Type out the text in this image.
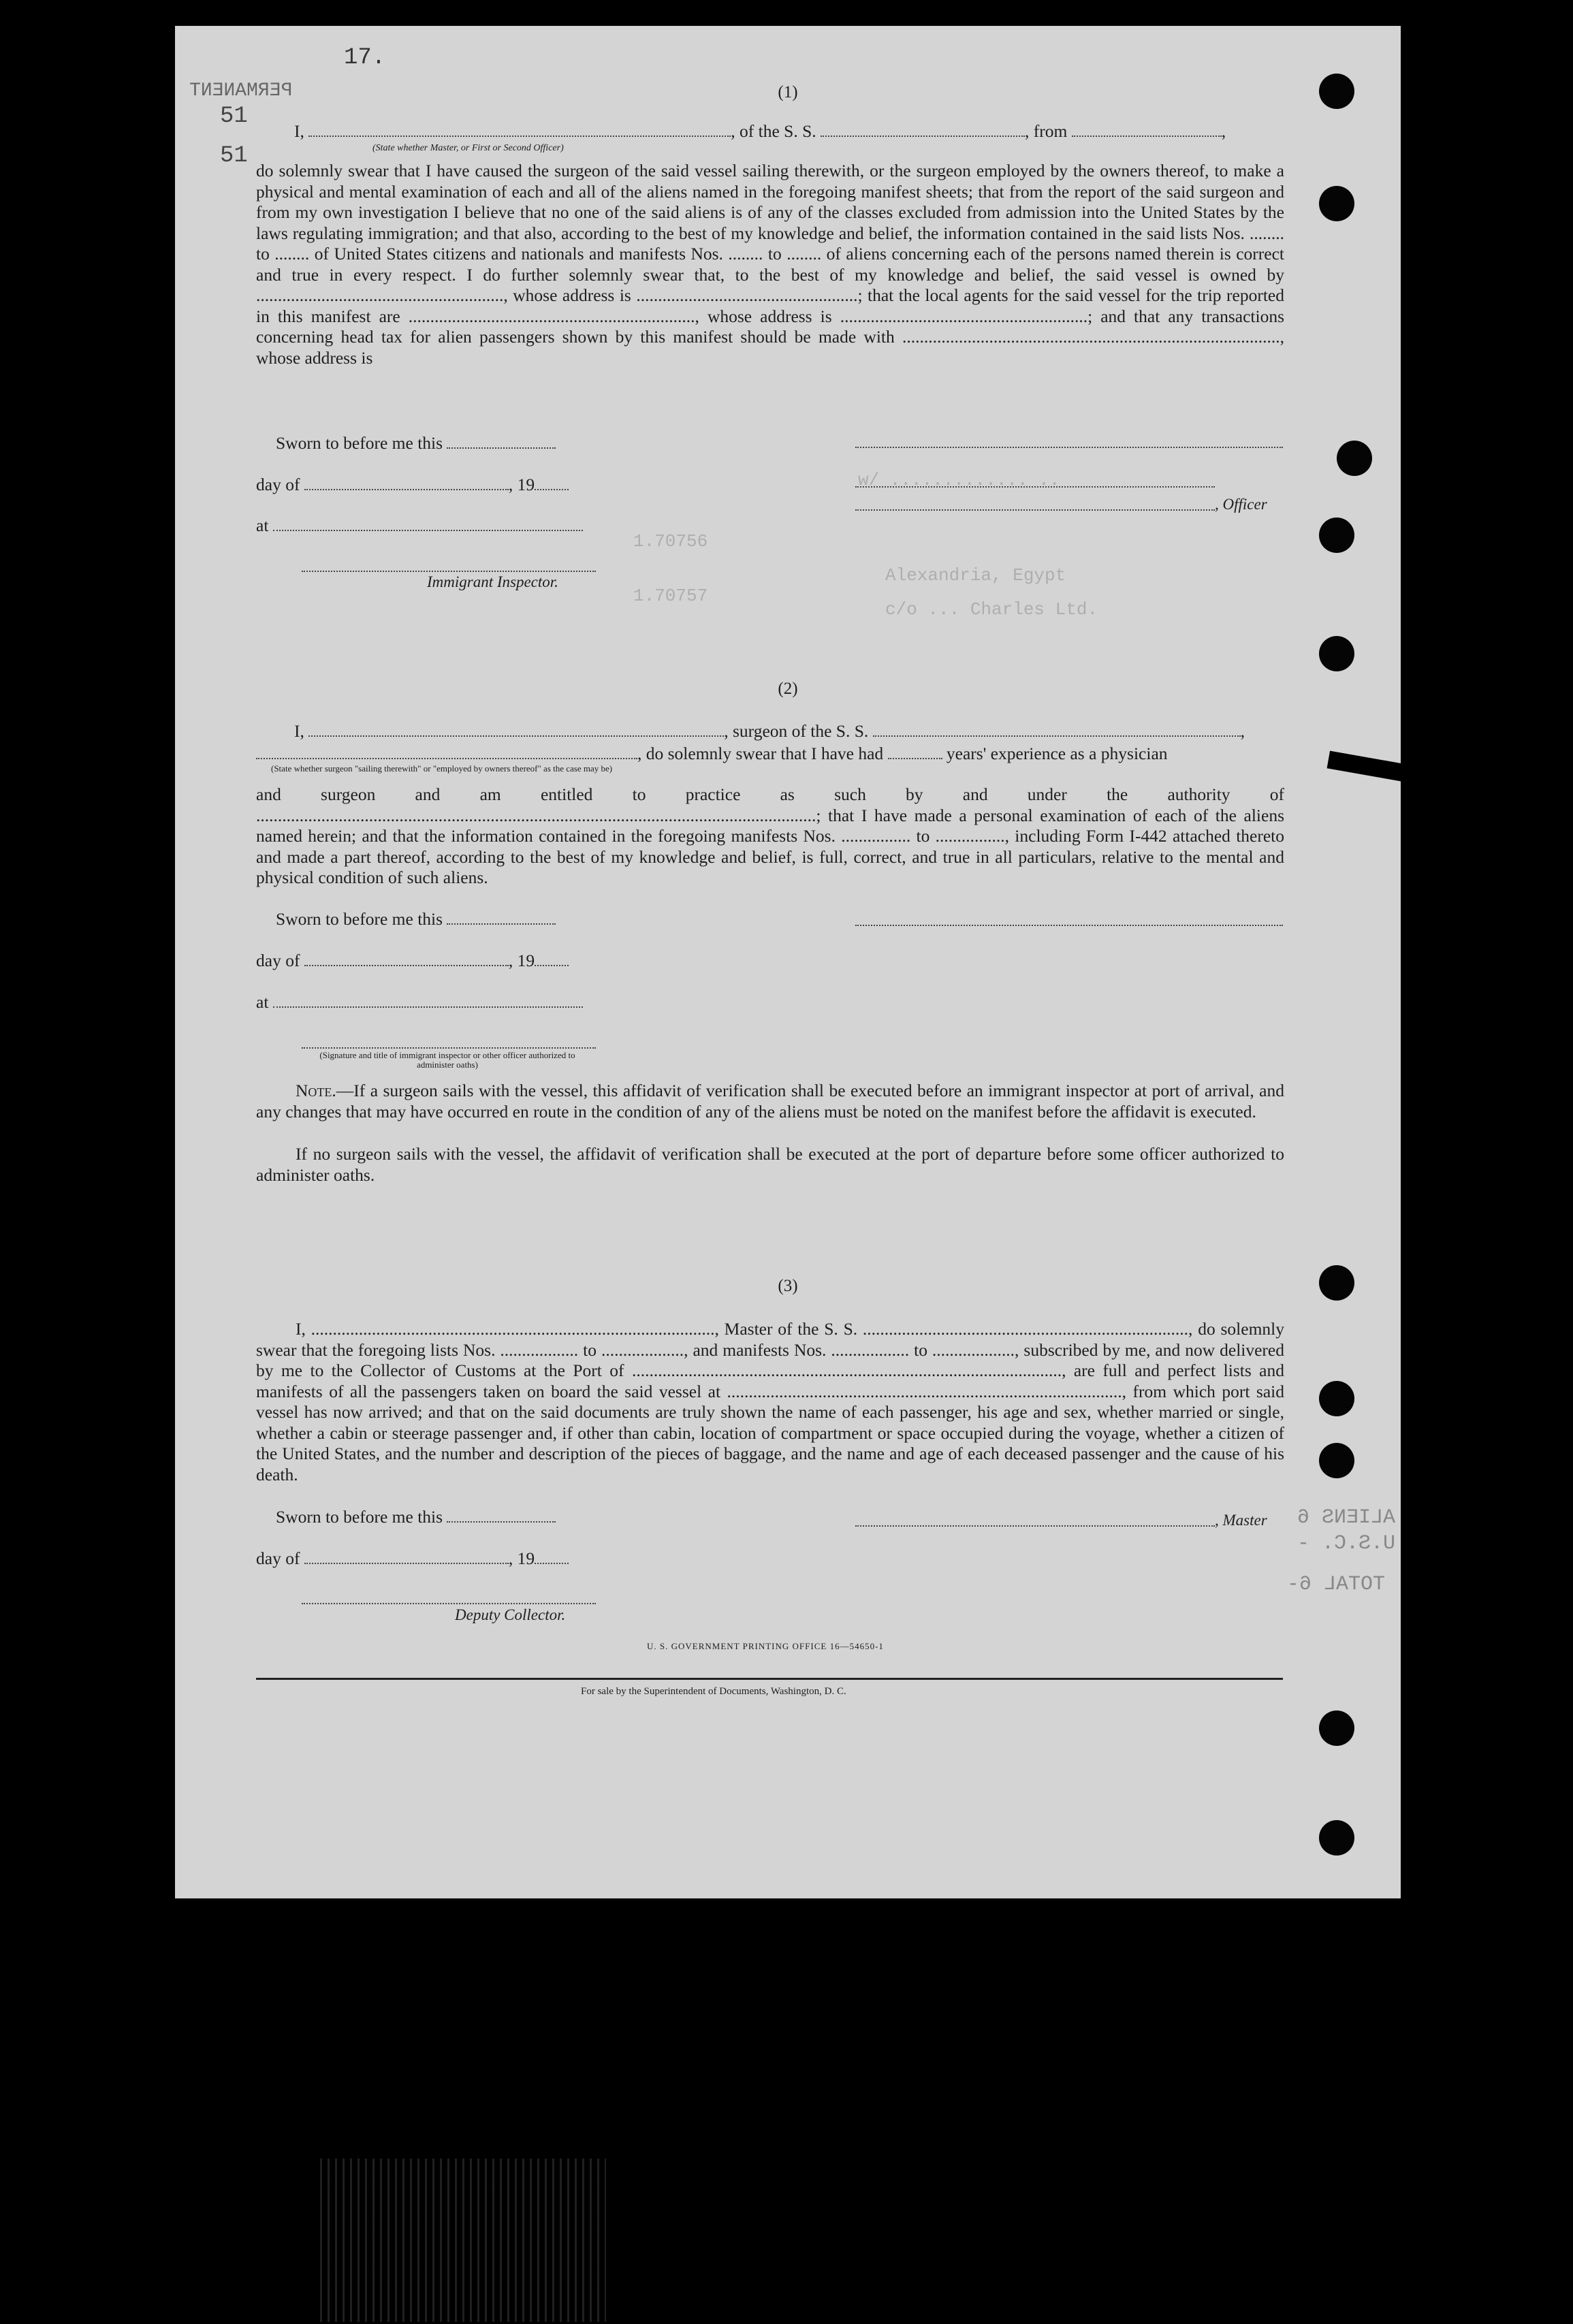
17.
PERMANENT
51
51
(1)
I,	, of the S. S.	, from	,
(State whether Master, or First or Second Officer)
do solemnly swear that I have caused the surgeon of the said vessel sailing therewith, or the surgeon employed by the owners thereof, to make a physical and mental examination of each and all of the aliens named in the foregoing manifest sheets; that from the report of the said surgeon and from my own investigation I believe that no one of the said aliens is of any of the classes excluded from admission into the United States by the laws regulating immigration; and that also, according to the best of my knowledge and belief, the information contained in the said lists Nos. ........ to ........ of United States citizens and nationals and manifests Nos. ........ to ........ of aliens concerning each of the persons named therein is correct and true in every respect. I do further solemnly swear that, to the best of my knowledge and belief, the said vessel is owned by ........................................................., whose address is ...................................................; that the local agents for the said vessel for the trip reported in this manifest are .................................................................., whose address is .........................................................; and that any transactions concerning head tax for alien passengers shown by this manifest should be made with ......................................................................................., whose address is
Sworn to before me this
day of	, 19
at
Immigrant Inspector.
, Officer
(2)
I,	, surgeon of the S. S.	,
, do solemnly swear that I have had	years' experience as a physician
(State whether surgeon "sailing therewith" or "employed by owners thereof" as the case may be)
and surgeon and am entitled to practice as such by and under the authority of .................................................................................................................................; that I have made a personal examination of each of the aliens named herein; and that the information contained in the foregoing manifests Nos. ................ to ................, including Form I-442 attached thereto and made a part thereof, according to the best of my knowledge and belief, is full, correct, and true in all particulars, relative to the mental and physical condition of such aliens.
Sworn to before me this
day of	, 19
at
(Signature and title of immigrant inspector or other officer authorized to administer oaths)
Note.—If a surgeon sails with the vessel, this affidavit of verification shall be executed before an immigrant inspector at port of arrival, and any changes that may have occurred en route in the condition of any of the aliens must be noted on the manifest before the affidavit is executed.
If no surgeon sails with the vessel, the affidavit of verification shall be executed at the port of departure before some officer authorized to administer oaths.
(3)
I, ............................................................................................., Master of the S. S. ..........................................................................., do solemnly swear that the foregoing lists Nos. .................. to ..................., and manifests Nos. .................. to ..................., subscribed by me, and now delivered by me to the Collector of Customs at the Port of ..................................................................................................., are full and perfect lists and manifests of all the passengers taken on board the said vessel at ..........................................................................................., from which port said vessel has now arrived; and that on the said documents are truly shown the name of each passenger, his age and sex, whether married or single, whether a cabin or steerage passenger and, if other than cabin, location of compartment or space occupied during the voyage, whether a citizen of the United States, and the number and description of the pieces of baggage, and the name and age of each deceased passenger and the cause of his death.
Sworn to before me this	, Master
day of	, 19
Deputy Collector.
U. S. GOVERNMENT PRINTING OFFICE 16—54650-1
For sale by the Superintendent of Documents, Washington, D. C.
ALIENS 6
U.S.C. -
TOTAL 6-
w/ ............. ..
Alexandria, Egypt
c/o ... Charles Ltd.
1.70756
1.70757
